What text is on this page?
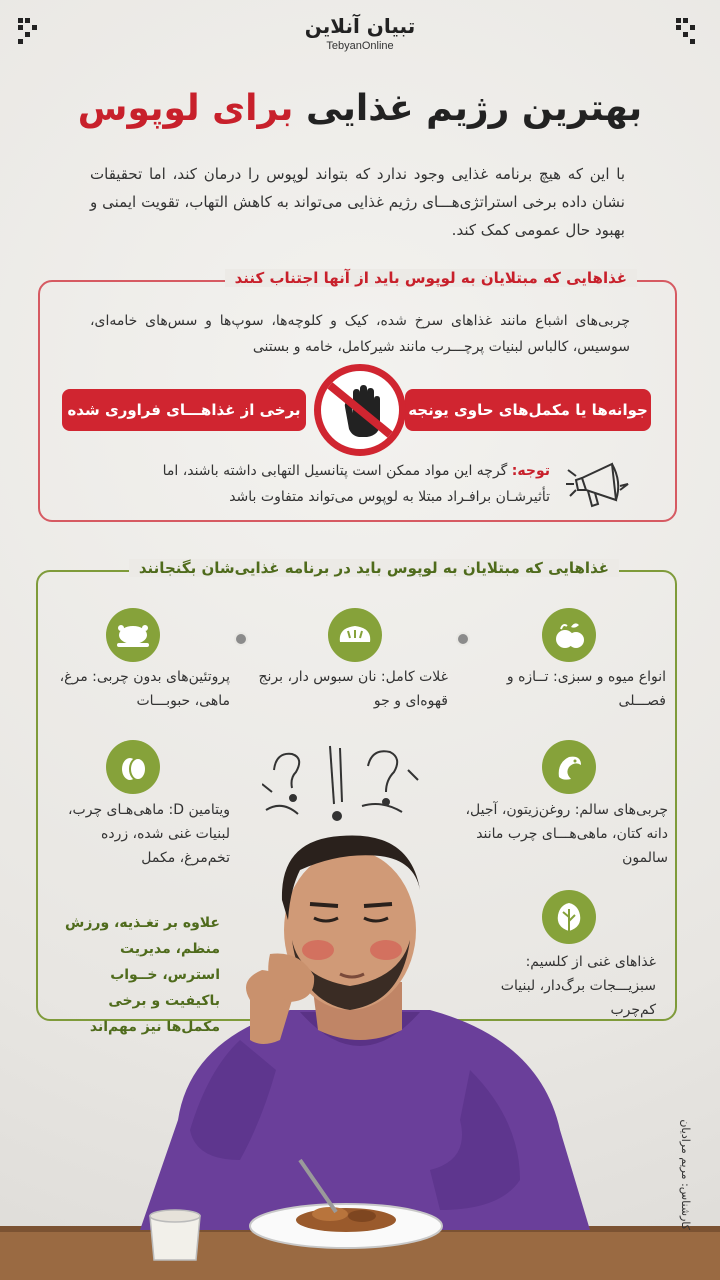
تبیان آنلاین
TebyanOnline
بهترین رژیم غذایی برای لوپوس

با این که هیچ برنامه غذایی وجود ندارد که بتواند لوپوس را درمان کند، اما تحقیقات نشان داده برخی استراتژی‌هـــای رژیم غذایی می‌تواند به کاهش التهاب، تقویت ایمنی و بهبود حال عمومی کمک کند.

غذاهایی که مبتلایان به لوپوس باید از آنها اجتناب کنند

چربی‌های اشباع مانند غذاهای سرخ شده، کیک و کلوچه‌ها، سوپ‌ها و سس‌های خامه‌ای، سوسیس، کالباس لبنیات پرچـــرب مانند شیرکامل، خامه و بستنی

جوانه‌ها یا مکمل‌های حاوی یونجه
برخی از غذاهـــای فراوری شده

توجه: گرچه این مواد ممکن است پتانسیل التهابی داشته باشند، اما تأثیرشـان برافـراد مبتلا به لوپوس می‌تواند متفاوت باشد

غذاهایی که مبتلایان به لوپوس باید در برنامه غذایی‌شان بگنجانند
انواع میوه و سبزی: تــازه و فصـــلی
غلات کامل: نان سبوس دار، برنج قهوه‌ای و جو
پروتئین‌های بدون چربی: مرغ، ماهی، حبوبـــات
چربی‌های سالم: روغن‌زیتون، آجیل، دانه کتان، ماهی‌هـــای چرب مانند سالمون
ویتامین D: ماهی‌هـای چرب، لبنیات غنی شده، زرده تخم‌مرغ، مکمل
غذاهای غنی از کلسیم: سبزیـــجات برگ‌دار، لبنیات کم‌چرب
علاوه بر تغـذیه، ورزش منظم، مدیریت استرس، خــواب باکیفیت و برخی مکمل‌ها نیز مهم‌اند
کارشناس: مریم مرادیان
